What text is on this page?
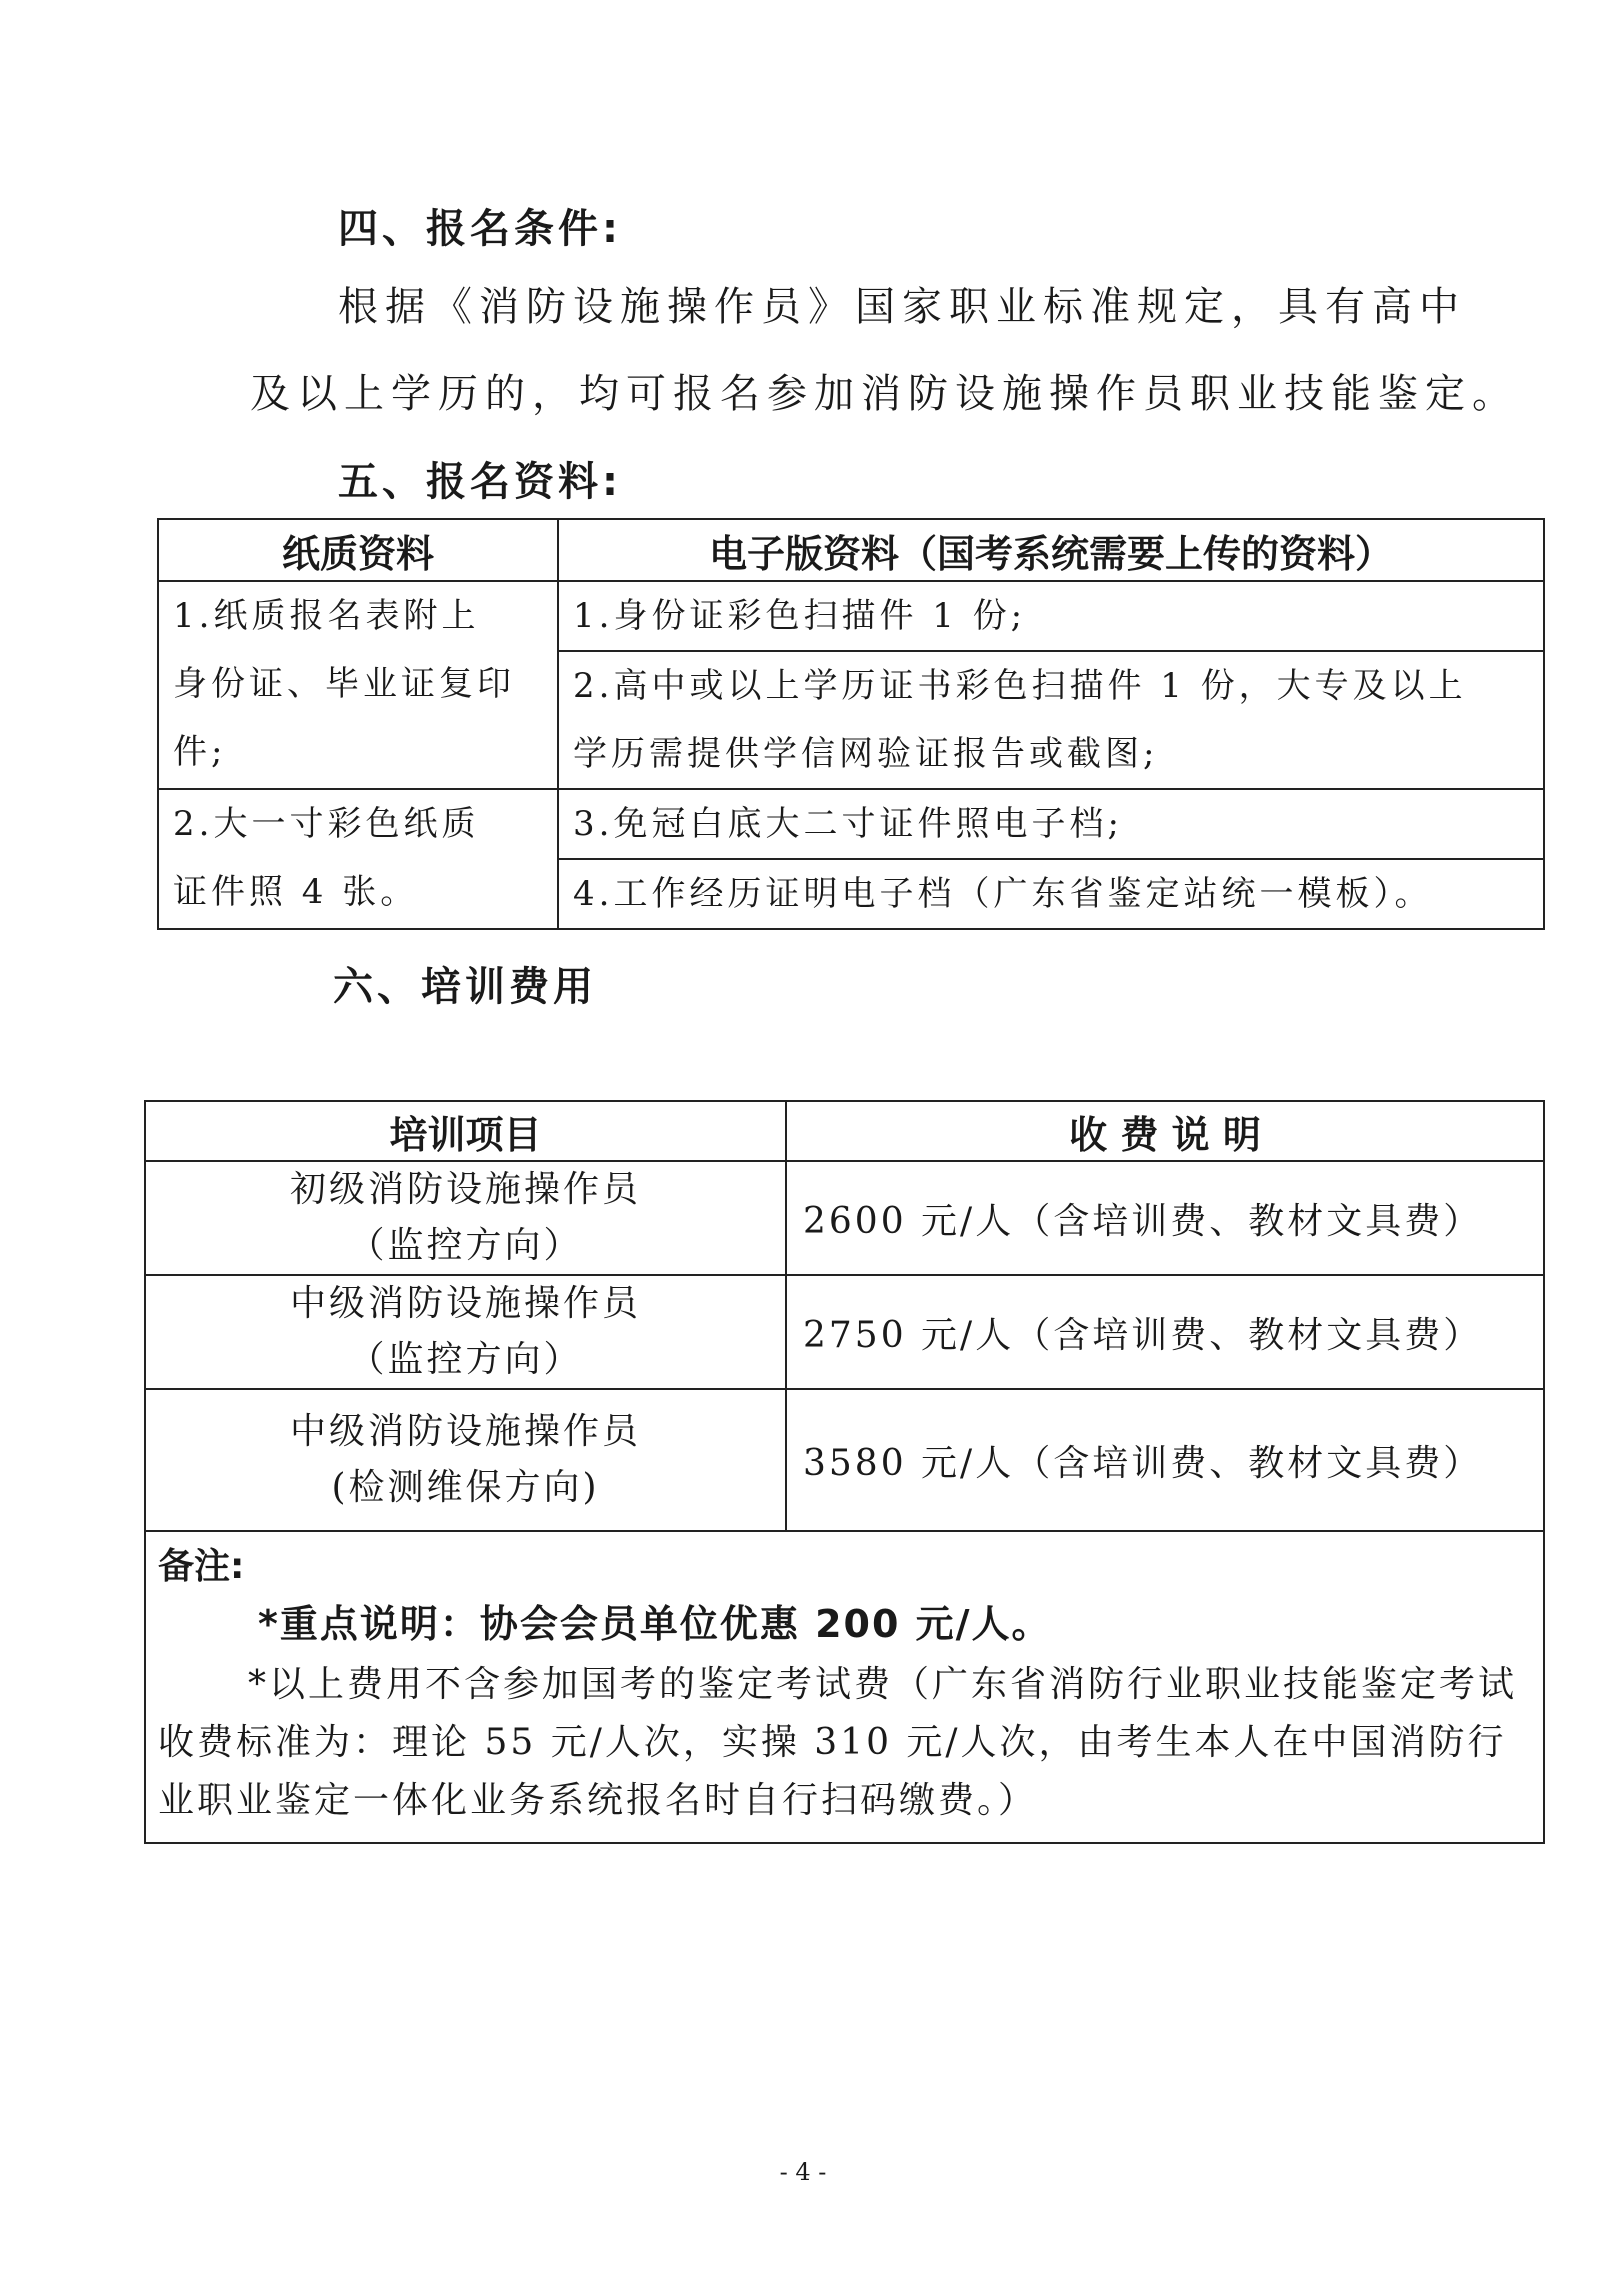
四、报名条件:
根据《消防设施操作员》国家职业标准规定，具有高中
及以上学历的，均可报名参加消防设施操作员职业技能鉴定。
五、报名资料:
纸质资料	电子版资料（国考系统需要上传的资料）

1.纸质报名表附上
身份证、毕业证复印
件;	1.身份证彩色扫描件 1 份;

	2.高中或以上学历证书彩色扫描件 1 份，大专及以上
学历需提供学信网验证报告或截图;

2.大一寸彩色纸质
证件照 4 张。	3.免冠白底大二寸证件照电子档;

	4.工作经历证明电子档（广东省鉴定站统一模板）。
六、培训费用
培训项目	收 费 说 明

初级消防设施操作员
（监控方向）	2600 元/人（含培训费、教材文具费）

中级消防设施操作员
（监控方向）	2750 元/人（含培训费、教材文具费）

中级消防设施操作员
(检测维保方向)	3580 元/人（含培训费、教材文具费）

备注:
*重点说明：协会会员单位优惠 200 元/人。
*以上费用不含参加国考的鉴定考试费（广东省消防行业职业技能鉴定考试收费标准为：理论 55 元/人次，实操 310 元/人次，由考生本人在中国消防行业职业鉴定一体化业务系统报名时自行扫码缴费。）	
- 4 -
